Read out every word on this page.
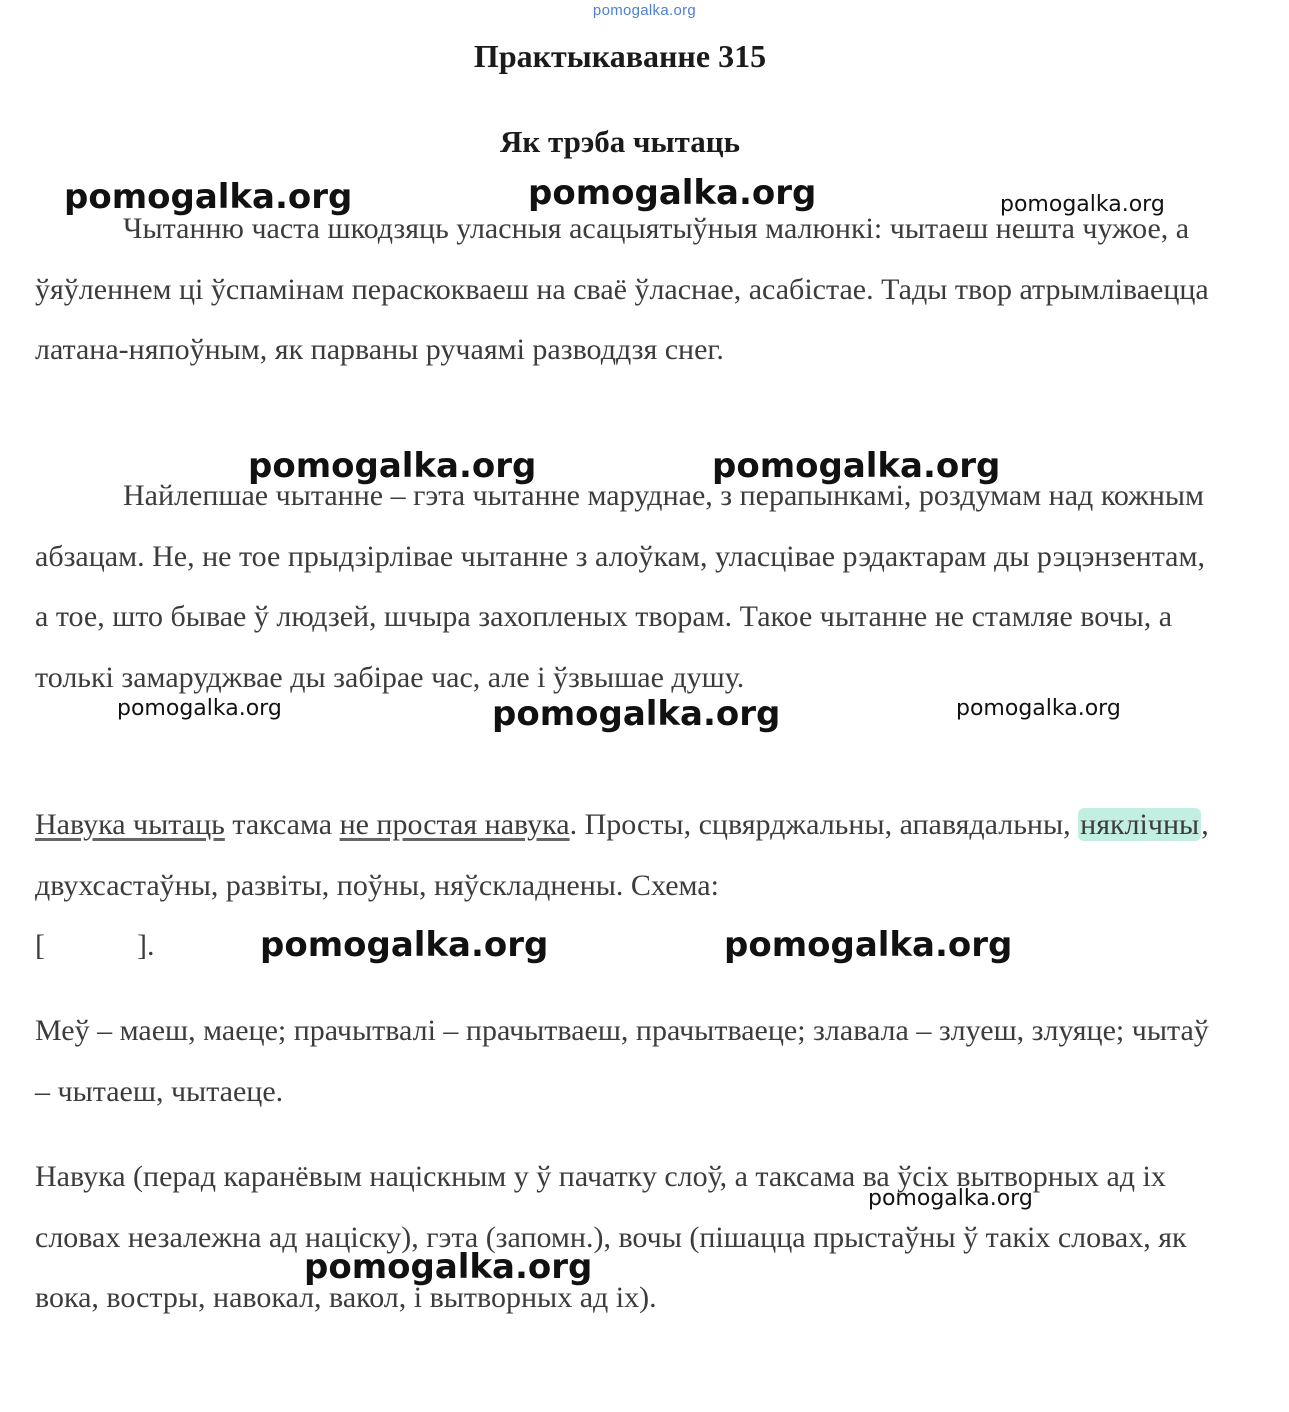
pomogalka.org
Практыкаванне 315
Як трэба чытаць

Чытанню часта шкодзяць уласныя асацыятыўныя малюнкі: чытаеш нешта чужое, а ўяўленнем ці ўспамінам пераскокваеш на сваё ўласнае, асабістае. Тады твор атрымліваецца латана-няпоўным, як парваны ручаямі разводдзя снег.

Найлепшае чытанне – гэта чытанне маруднае, з перапынкамі, роздумам над кожным абзацам. Не, не тое прыдзірлівае чытанне з алоўкам, уласцівае рэдактарам ды рэцэнзентам, а тое, што бывае ў людзей, шчыра захопленых творам. Такое чытанне не стамляе вочы, а толькі замаруджвае ды забірае час, але і ўзвышае душу.

Навука чытаць таксама не простая навука. Просты, сцвярджальны, апавядальны, няклічны, двухсастаўны, развіты, поўны, няўскладнены. Схема:
[	].

Меў – маеш, маеце; прачытвалі – прачытваеш, прачытваеце; злавала – злуеш, злуяце; чытаў – чытаеш, чытаеце.

Навука (перад каранёвым націскным у ў пачатку слоў, а таксама ва ўсіх вытворных ад іх словах незалежна ад націску), гэта (запомн.), вочы (пішацца прыстаўны ў такіх словах, як вока, востры, навокал, вакол, і вытворных ад іх).

pomogalka.org	pomogalka.org	pomogalka.org
pomogalka.org	pomogalka.org
pomogalka.org	pomogalka.org	pomogalka.org
pomogalka.org	pomogalka.org
pomogalka.org
pomogalka.org
